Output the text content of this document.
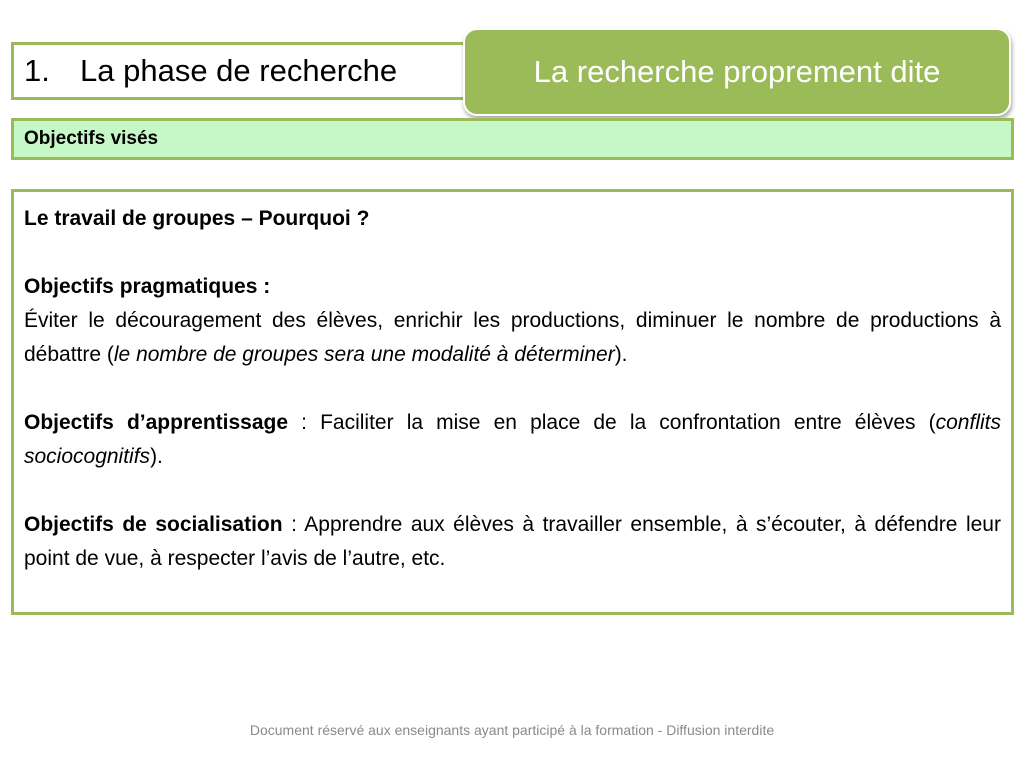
1. La phase de recherche	La recherche proprement dite
Objectifs visés

Le travail de groupes – Pourquoi ?

Objectifs pragmatiques :

Éviter le découragement des élèves, enrichir les productions, diminuer le nombre de productions à débattre (le nombre de groupes sera une modalité à déterminer).

Objectifs d’apprentissage : Faciliter la mise en place de la confrontation entre élèves (conflits sociocognitifs).

Objectifs de socialisation : Apprendre aux élèves à travailler ensemble, à s’écouter, à défendre leur point de vue, à respecter l’avis de l’autre, etc.

Document réservé aux enseignants ayant participé à la formation - Diffusion interdite
